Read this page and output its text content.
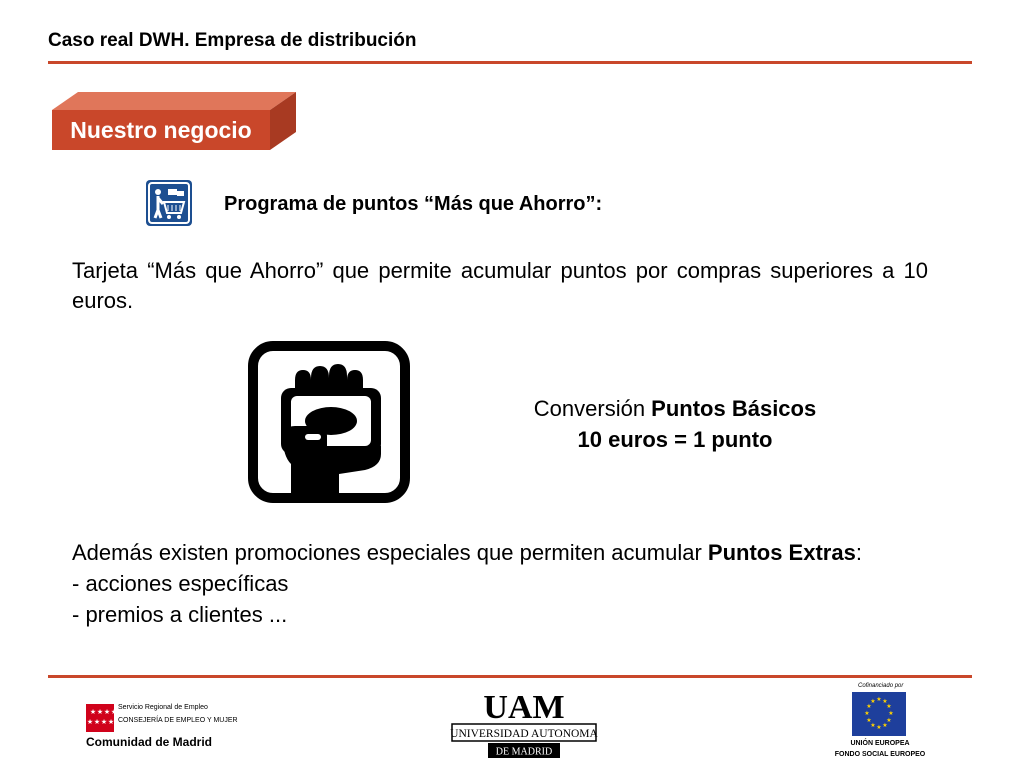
Caso real DWH. Empresa de distribución
Nuestro negocio
Programa de puntos “Más que Ahorro”:
Tarjeta “Más que Ahorro” que permite acumular puntos por compras superiores a 10 euros.
Conversión Puntos Básicos
10 euros = 1 punto
Además existen promociones especiales que permiten acumular Puntos Extras:
- acciones específicas
- premios a clientes ...
★ ★ ★ ★
★ ★ ★ ★
Servicio Regional de Empleo
CONSEJERÍA DE EMPLEO Y MUJER
Comunidad de Madrid
UAM
UNIVERSIDAD AUTONOMA
DE MADRID
Cofinanciado por
★ ★
★
★
★
★
★
★
★
★
★
★
UNIÓN EUROPEA
FONDO SOCIAL EUROPEO
